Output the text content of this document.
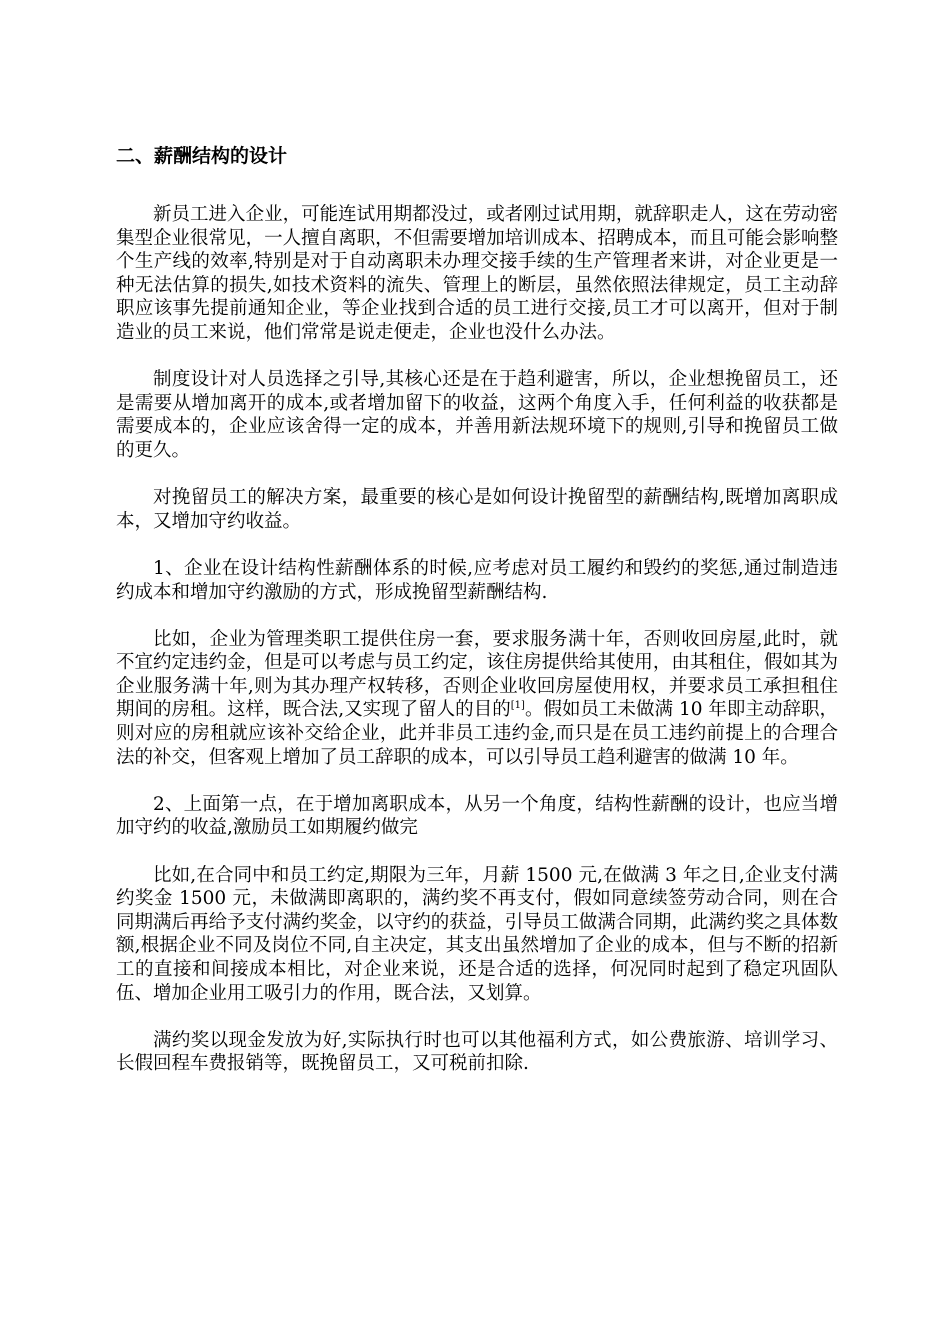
二、薪酬结构的设计

新员工进入企业，可能连试用期都没过，或者刚过试用期，就辞职走人，这在劳动密集型企业很常见，一人擅自离职，不但需要增加培训成本、招聘成本，而且可能会影响整个生产线的效率,特别是对于自动离职未办理交接手续的生产管理者来讲，对企业更是一种无法估算的损失,如技术资料的流失、管理上的断层，虽然依照法律规定，员工主动辞职应该事先提前通知企业，等企业找到合适的员工进行交接,员工才可以离开，但对于制造业的员工来说，他们常常是说走便走，企业也没什么办法。

制度设计对人员选择之引导,其核心还是在于趋利避害，所以，企业想挽留员工，还是需要从增加离开的成本,或者增加留下的收益，这两个角度入手，任何利益的收获都是需要成本的，企业应该舍得一定的成本，并善用新法规环境下的规则,引导和挽留员工做的更久。

对挽留员工的解决方案，最重要的核心是如何设计挽留型的薪酬结构,既增加离职成本，又增加守约收益。

1、企业在设计结构性薪酬体系的时候,应考虑对员工履约和毁约的奖惩,通过制造违约成本和增加守约激励的方式，形成挽留型薪酬结构.

比如，企业为管理类职工提供住房一套，要求服务满十年，否则收回房屋,此时，就不宜约定违约金，但是可以考虑与员工约定，该住房提供给其使用，由其租住，假如其为企业服务满十年,则为其办理产权转移，否则企业收回房屋使用权，并要求员工承担租住期间的房租。这样，既合法,又实现了留人的目的[1]。假如员工未做满 10 年即主动辞职，则对应的房租就应该补交给企业，此并非员工违约金,而只是在员工违约前提上的合理合法的补交，但客观上增加了员工辞职的成本，可以引导员工趋利避害的做满 10 年。

2、上面第一点，在于增加离职成本，从另一个角度，结构性薪酬的设计，也应当增加守约的收益,激励员工如期履约做完

比如,在合同中和员工约定,期限为三年，月薪 1500 元,在做满 3 年之日,企业支付满约奖金 1500 元，未做满即离职的，满约奖不再支付，假如同意续签劳动合同，则在合同期满后再给予支付满约奖金，以守约的获益，引导员工做满合同期，此满约奖之具体数额,根据企业不同及岗位不同,自主决定，其支出虽然增加了企业的成本，但与不断的招新工的直接和间接成本相比，对企业来说，还是合适的选择，何况同时起到了稳定巩固队伍、增加企业用工吸引力的作用，既合法，又划算。

满约奖以现金发放为好,实际执行时也可以其他福利方式，如公费旅游、培训学习、长假回程车费报销等，既挽留员工，又可税前扣除.
